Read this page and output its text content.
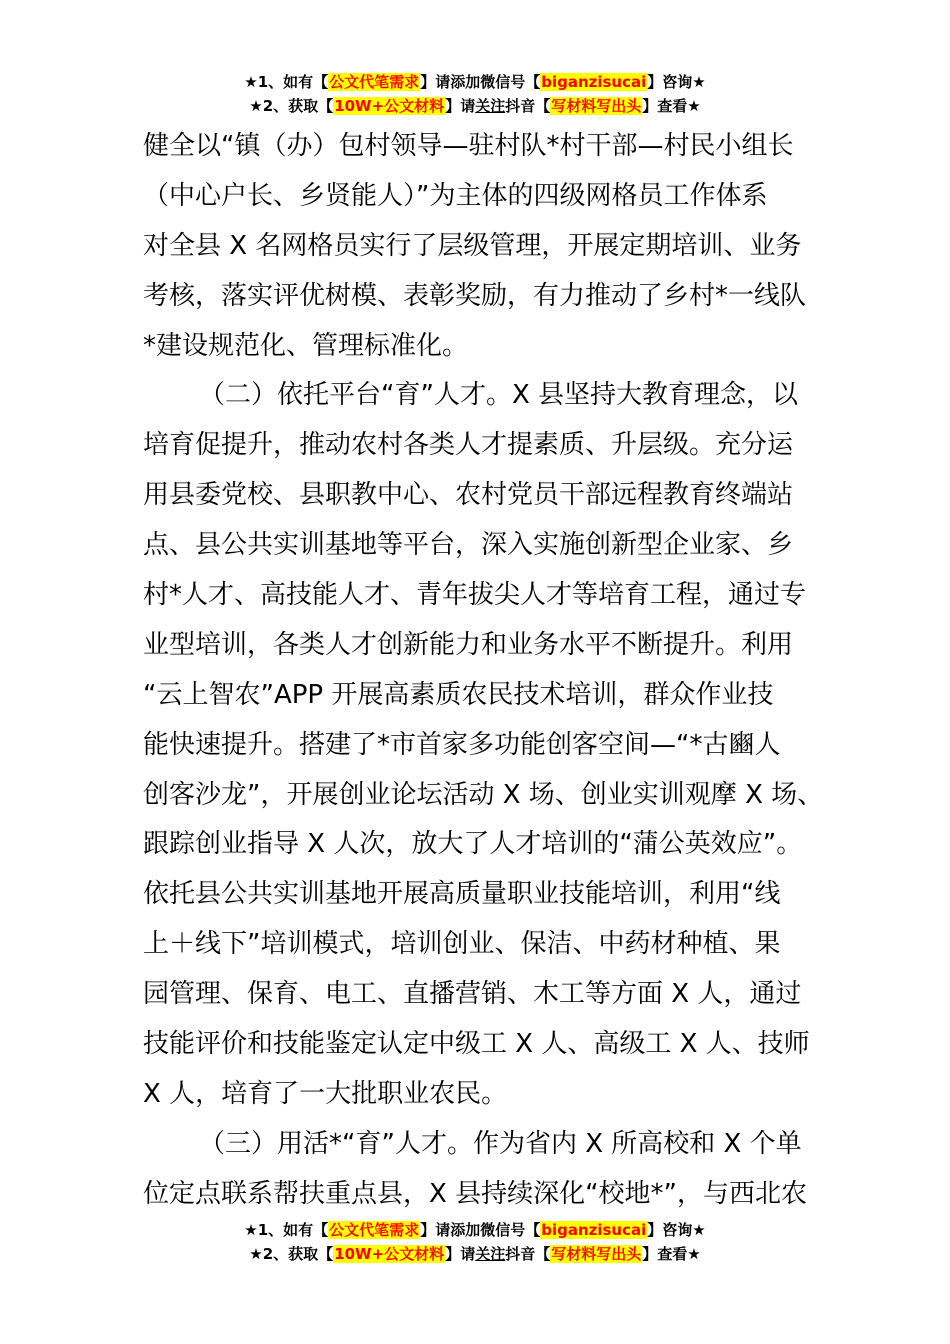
★1、如有【公文代笔需求】请添加微信号【biganzisucai】咨询★
★2、获取【10W+公文材料】请关注抖音【写材料写出头】查看★
健全以“镇（办）包村领导—驻村队*村干部—村民小组长
（中心户长、乡贤能人）”为主体的四级网格员工作体系
对全县 X 名网格员实行了层级管理，开展定期培训、业务
考核，落实评优树模、表彰奖励，有力推动了乡村*一线队
*建设规范化、管理标准化。
（二）依托平台“育”人才。X 县坚持大教育理念，以
培育促提升，推动农村各类人才提素质、升层级。充分运
用县委党校、县职教中心、农村党员干部远程教育终端站
点、县公共实训基地等平台，深入实施创新型企业家、乡
村*人才、高技能人才、青年拔尖人才等培育工程，通过专
业型培训，各类人才创新能力和业务水平不断提升。利用
“云上智农”APP 开展高素质农民技术培训，群众作业技
能快速提升。搭建了*市首家多功能创客空间—“*古豳人
创客沙龙”，开展创业论坛活动 X 场、创业实训观摩 X 场、
跟踪创业指导 X 人次，放大了人才培训的“蒲公英效应”。
依托县公共实训基地开展高质量职业技能培训，利用“线
上＋线下”培训模式，培训创业、保洁、中药材种植、果
园管理、保育、电工、直播营销、木工等方面 X 人，通过
技能评价和技能鉴定认定中级工 X 人、高级工 X 人、技师
X 人，培育了一大批职业农民。
（三）用活*“育”人才。作为省内 X 所高校和 X 个单
位定点联系帮扶重点县，X 县持续深化“校地*”，与西北农
★1、如有【公文代笔需求】请添加微信号【biganzisucai】咨询★
★2、获取【10W+公文材料】请关注抖音【写材料写出头】查看★
